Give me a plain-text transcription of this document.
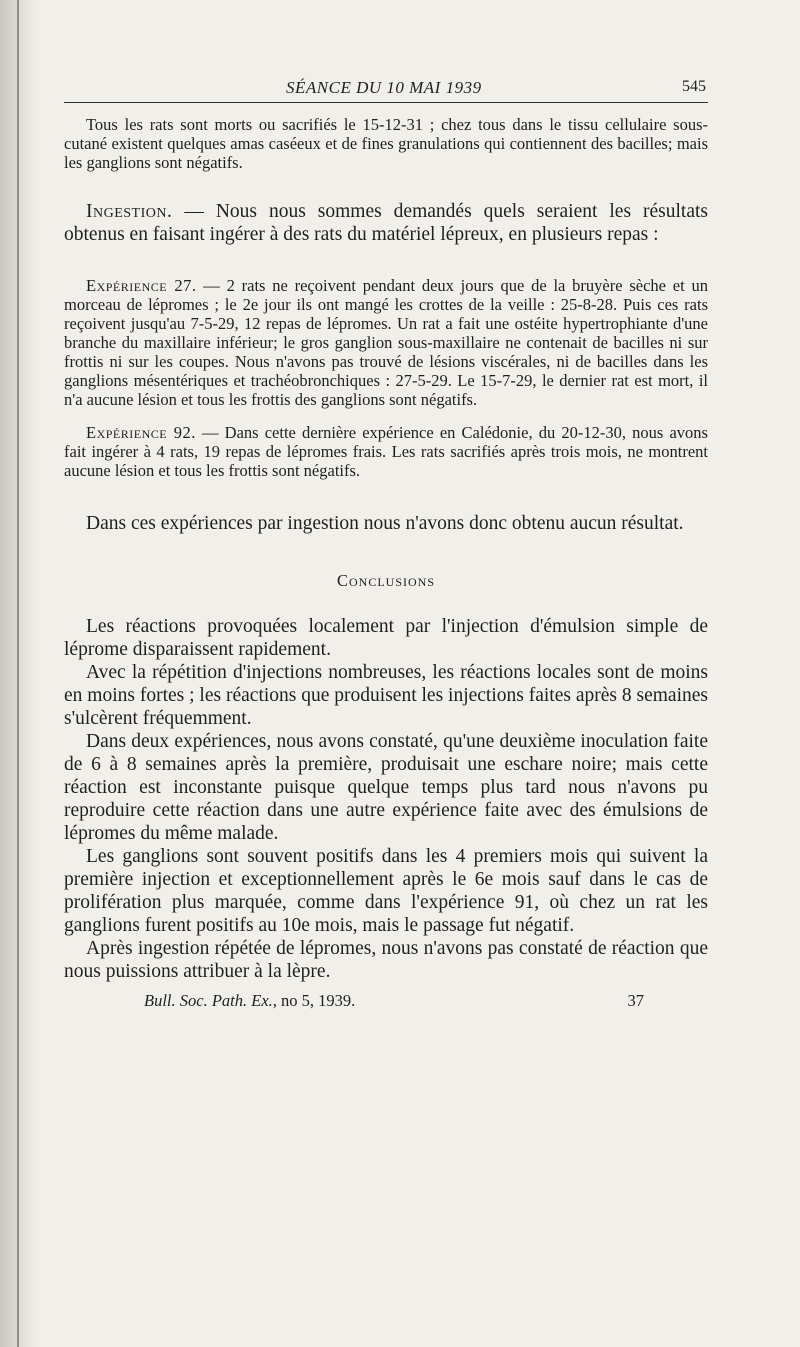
SÉANCE DU 10 MAI 1939	545

Tous les rats sont morts ou sacrifiés le 15-12-31 ; chez tous dans le tissu cellulaire sous-cutané existent quelques amas caséeux et de fines granulations qui contiennent des bacilles; mais les ganglions sont négatifs.

Ingestion. — Nous nous sommes demandés quels seraient les résultats obtenus en faisant ingérer à des rats du matériel lépreux, en plusieurs repas :

Expérience 27. — 2 rats ne reçoivent pendant deux jours que de la bruyère sèche et un morceau de lépromes ; le 2e jour ils ont mangé les crottes de la veille : 25-8-28. Puis ces rats reçoivent jusqu'au 7-5-29, 12 repas de lépromes. Un rat a fait une ostéite hypertrophiante d'une branche du maxillaire inférieur; le gros ganglion sous-maxillaire ne contenait de bacilles ni sur frottis ni sur les coupes. Nous n'avons pas trouvé de lésions viscérales, ni de bacilles dans les ganglions mésentériques et trachéobronchiques : 27-5-29. Le 15-7-29, le dernier rat est mort, il n'a aucune lésion et tous les frottis des ganglions sont négatifs.

Expérience 92. — Dans cette dernière expérience en Calédonie, du 20-12-30, nous avons fait ingérer à 4 rats, 19 repas de lépromes frais. Les rats sacrifiés après trois mois, ne montrent aucune lésion et tous les frottis sont négatifs.

Dans ces expériences par ingestion nous n'avons donc obtenu aucun résultat.

Conclusions

Les réactions provoquées localement par l'injection d'émulsion simple de léprome disparaissent rapidement.

Avec la répétition d'injections nombreuses, les réactions locales sont de moins en moins fortes ; les réactions que produisent les injections faites après 8 semaines s'ulcèrent fréquemment.

Dans deux expériences, nous avons constaté, qu'une deuxième inoculation faite de 6 à 8 semaines après la première, produisait une eschare noire; mais cette réaction est inconstante puisque quelque temps plus tard nous n'avons pu reproduire cette réaction dans une autre expérience faite avec des émulsions de lépromes du même malade.

Les ganglions sont souvent positifs dans les 4 premiers mois qui suivent la première injection et exceptionnellement après le 6e mois sauf dans le cas de prolifération plus marquée, comme dans l'expérience 91, où chez un rat les ganglions furent positifs au 10e mois, mais le passage fut négatif.

Après ingestion répétée de lépromes, nous n'avons pas constaté de réaction que nous puissions attribuer à la lèpre.

Bull. Soc. Path. Ex., no 5, 1939.	37
